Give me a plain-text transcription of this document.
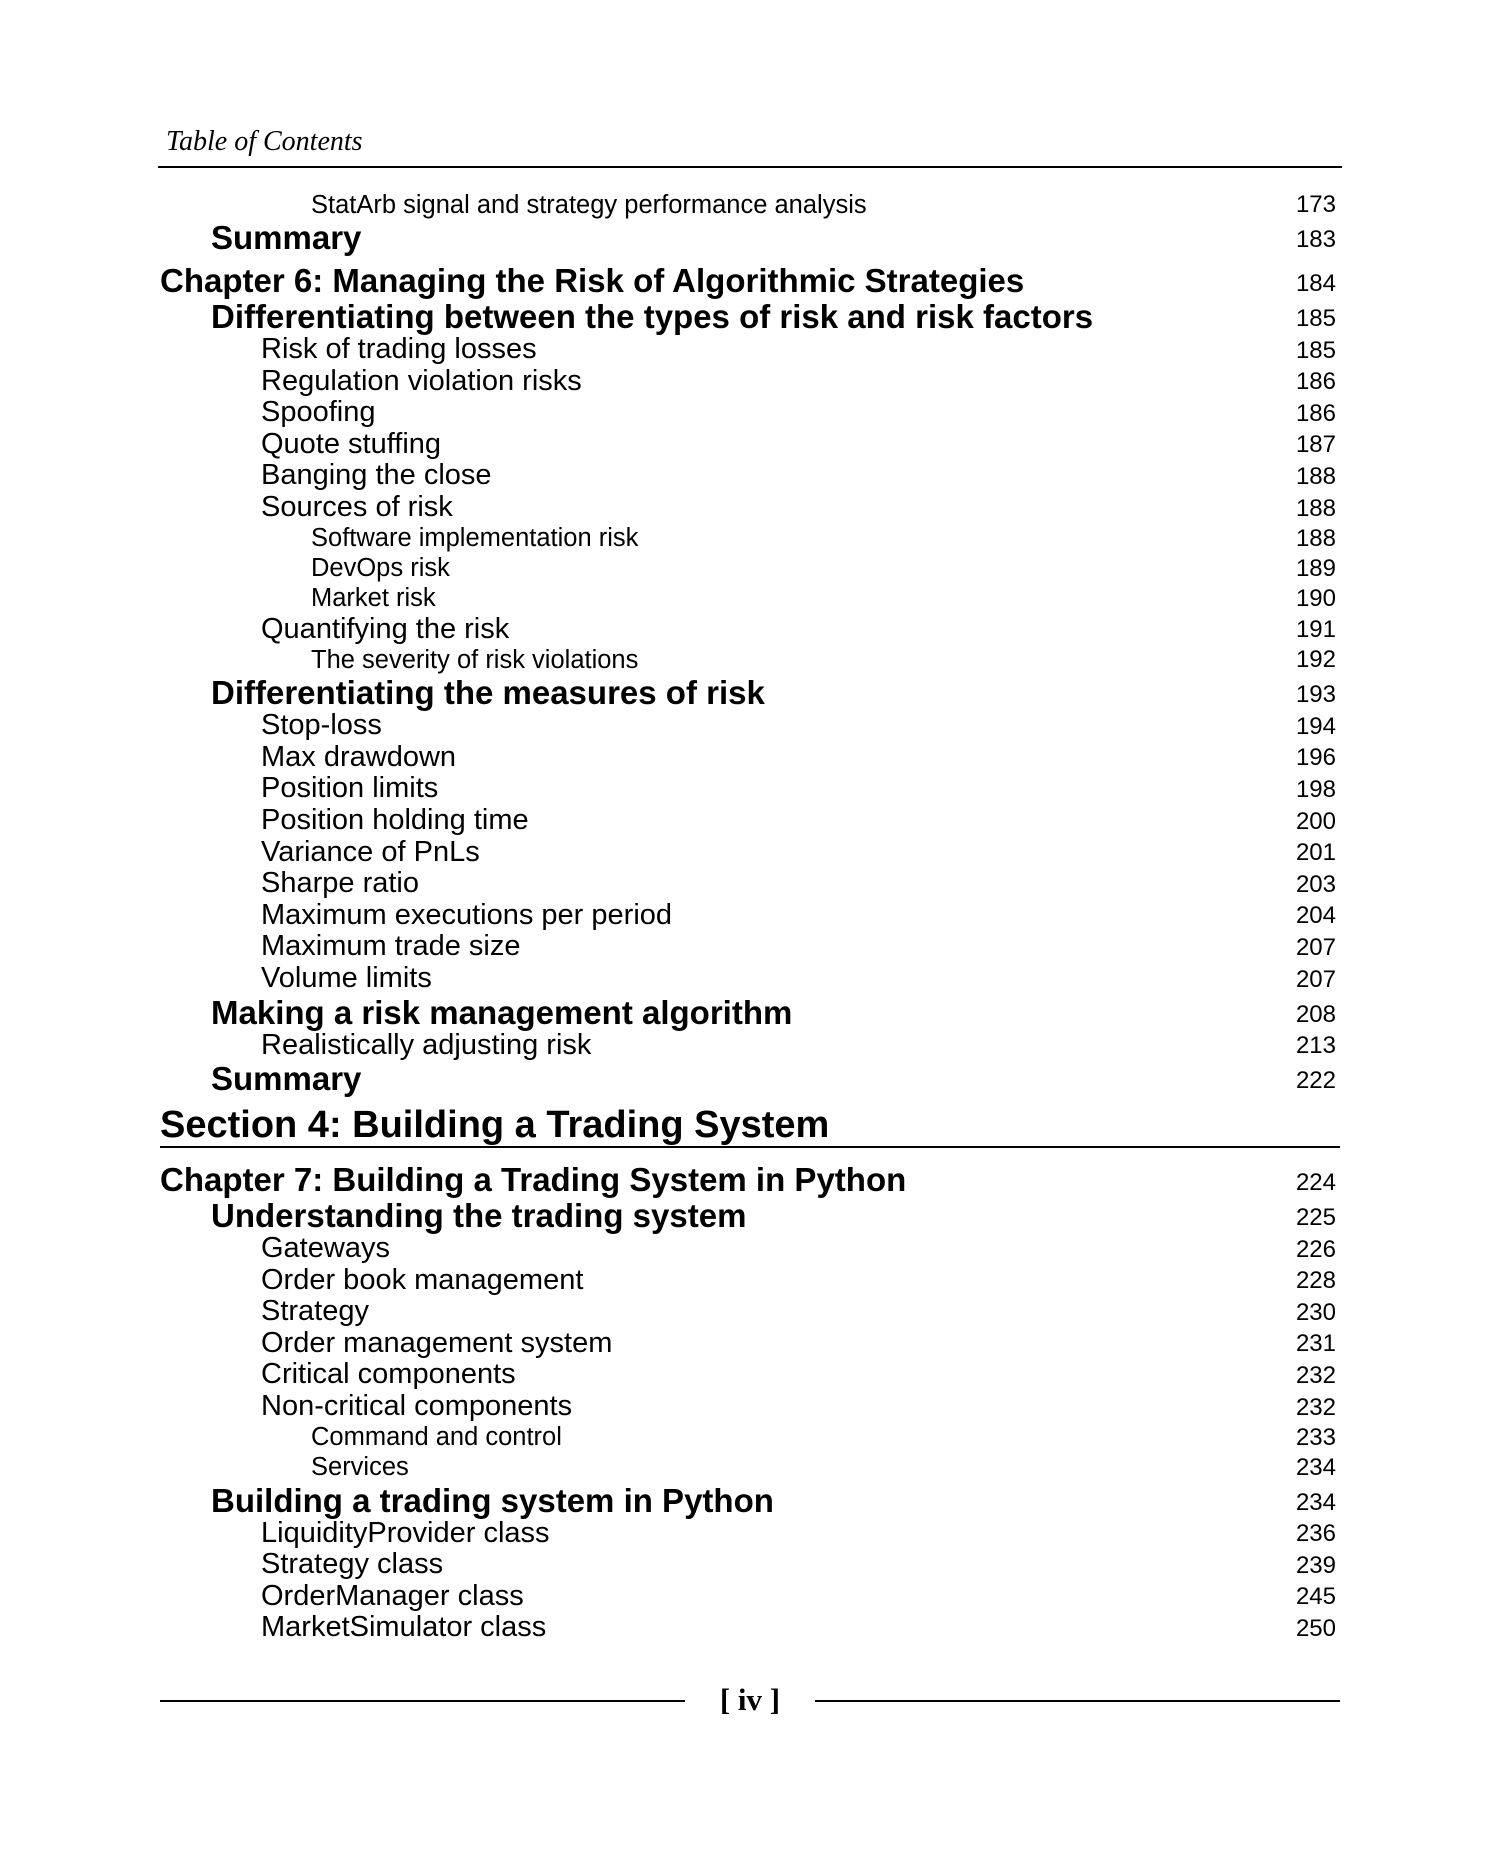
Table of Contents
StatArb signal and strategy performance analysis	173
Summary	183
Chapter 6: Managing the Risk of Algorithmic Strategies	184
Differentiating between the types of risk and risk factors	185
Risk of trading losses	185
Regulation violation risks	186
Spoofing	186
Quote stuffing	187
Banging the close	188
Sources of risk	188
Software implementation risk	188
DevOps risk	189
Market risk	190
Quantifying the risk	191
The severity of risk violations	192
Differentiating the measures of risk	193
Stop-loss	194
Max drawdown	196
Position limits	198
Position holding time	200
Variance of PnLs	201
Sharpe ratio	203
Maximum executions per period	204
Maximum trade size	207
Volume limits	207
Making a risk management algorithm	208
Realistically adjusting risk	213
Summary	222
Section 4: Building a Trading System
Chapter 7: Building a Trading System in Python	224
Understanding the trading system	225
Gateways	226
Order book management	228
Strategy	230
Order management system	231
Critical components	232
Non-critical components	232
Command and control	233
Services	234
Building a trading system in Python	234
LiquidityProvider class	236
Strategy class	239
OrderManager class	245
MarketSimulator class	250
[ iv ]
